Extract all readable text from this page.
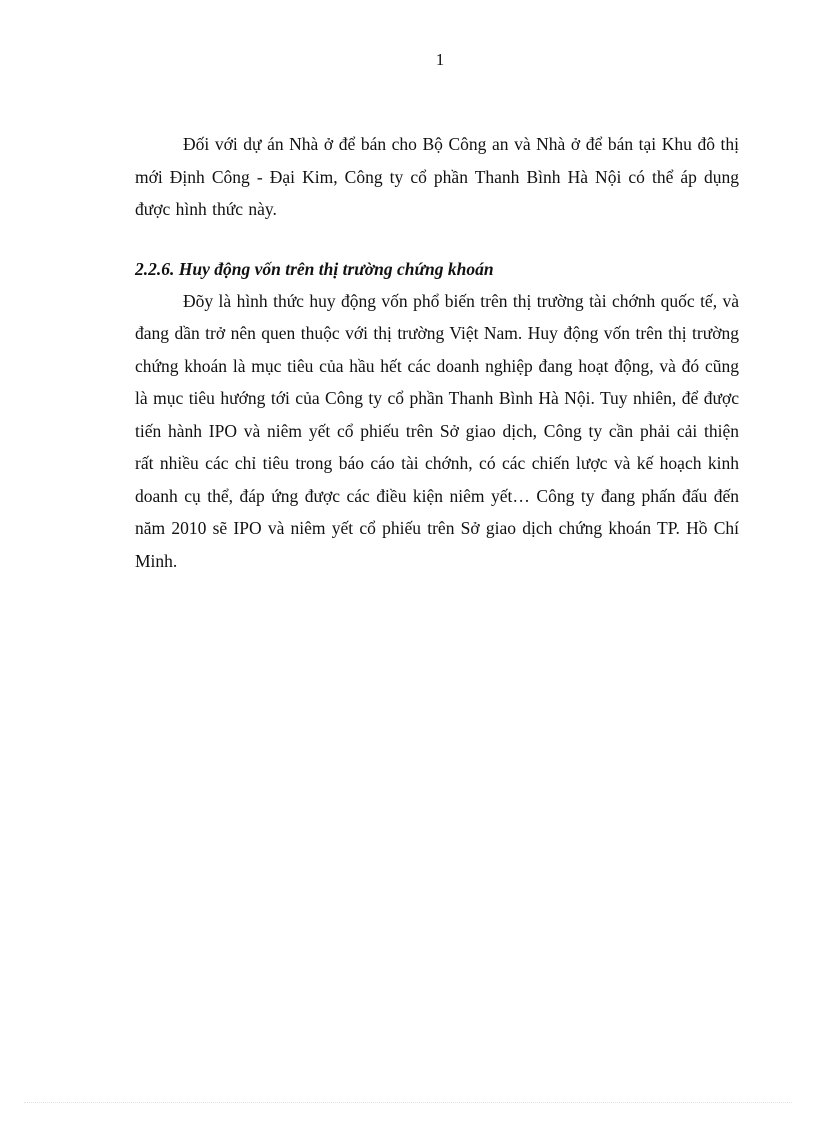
1

Đối với dự án Nhà ở để bán cho Bộ Công an và Nhà ở để bán tại Khu đô thị mới Định Công - Đại Kim, Công ty cổ phần Thanh Bình Hà Nội có thể áp dụng được hình thức này.

2.2.6. Huy động vốn trên thị trường chứng khoán

Đõy là hình thức huy động vốn phổ biến trên thị trường tài chớnh quốc tế, và đang dần trở nên quen thuộc với thị trường Việt Nam. Huy động vốn trên thị trường chứng khoán là mục tiêu của hầu hết các doanh nghiệp đang hoạt động, và đó cũng là mục tiêu hướng tới của Công ty cổ phần Thanh Bình Hà Nội. Tuy nhiên, để được tiến hành IPO và niêm yết cổ phiếu trên Sở giao dịch, Công ty cần phải cải thiện rất nhiều các chỉ tiêu trong báo cáo tài chớnh, có các chiến lược và kế hoạch kinh doanh cụ thể, đáp ứng được các điều kiện niêm yết… Công ty đang phấn đấu đến năm 2010 sẽ IPO và niêm yết cổ phiếu trên Sở giao dịch chứng khoán TP. Hồ Chí Minh.
